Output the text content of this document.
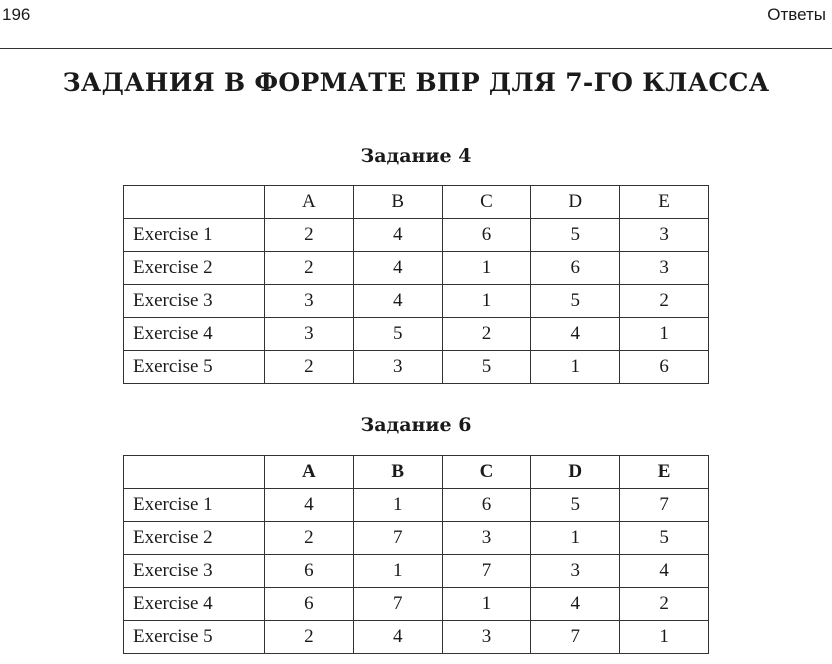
196	Ответы
ЗАДАНИЯ В ФОРМАТЕ ВПР ДЛЯ 7-ГО КЛАССА
Задание 4
	A	B	C	D	E
Exercise 1	2	4	6	5	3
Exercise 2	2	4	1	6	3
Exercise 3	3	4	1	5	2
Exercise 4	3	5	2	4	1
Exercise 5	2	3	5	1	6
Задание 6
	A	B	C	D	E
Exercise 1	4	1	6	5	7
Exercise 2	2	7	3	1	5
Exercise 3	6	1	7	3	4
Exercise 4	6	7	1	4	2
Exercise 5	2	4	3	7	1
